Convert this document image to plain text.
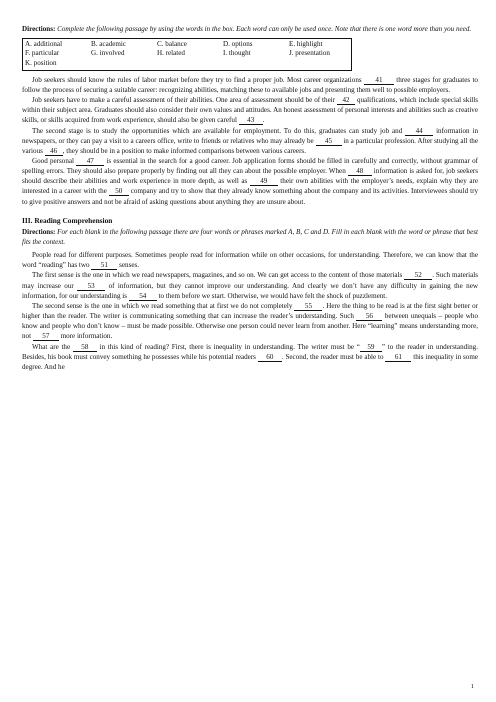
Directions: Complete the following passage by using the words in the box. Each word can only be used once. Note that there is one word more than you need.

A. additional	B. academic	C. balance	D. options	E. highlight
F. particular	G. involved	H. related	I. thought	J. presentation
K. position

Job seekers should know the rules of labor market before they try to find a proper job. Most career organizations 41 three stages for graduates to follow the process of securing a suitable career: recognizing abilities, matching these to available jobs and presenting them well to possible employers.

Job seekers have to make a careful assessment of their abilities. One area of assessment should be of their 42 qualifications, which include special skills within their subject area. Graduates should also consider their own values and attitudes. An honest assessment of personal interests and abilities such as creative skills, or skills acquired from work experience, should also be given careful 43 .

The second stage is to study the opportunities which are available for employment. To do this, graduates can study job and 44 information in newspapers, or they can pay a visit to a careers office, write to friends or relatives who may already be 45 in a particular profession. After studying all the various 46 , they should be in a position to make informed comparisons between various careers.

Good personal 47 is essential in the search for a good career. Job application forms should be filled in carefully and correctly, without grammar of spelling errors. They should also prepare properly by finding out all they can about the possible employer. When 48 information is asked for, job seekers should describe their abilities and work experience in more depth, as well as 49 their own abilities with the employer’s needs, explain why they are interested in a career with the 50 company and try to show that they already know something about the company and its activities. Interviewees should try to give positive answers and not be afraid of asking questions about anything they are unsure about.

III. Reading Comprehension

Directions: For each blank in the following passage there are four words or phrases marked A, B, C and D. Fill in each blank with the word or phrase that best fits the context.

People read for different purposes. Sometimes people read for information while on other occasions, for understanding. Therefore, we can know that the word “reading” has two 51 senses.

The first sense is the one in which we read newspapers, magazines, and so on. We can get access to the content of those materials 52 . Such materials may increase our 53 of information, but they cannot improve our understanding. And clearly we don’t have any difficulty in gaining the new information, for our understanding is 54 to them before we start. Otherwise, we would have felt the shock of puzzlement.

The second sense is the one in which we read something that at first we do not completely 55 . Here the thing to be read is at the first sight better or higher than the reader. The writer is communicating something that can increase the reader’s understanding. Such 56 between unequals – people who know and people who don’t know – must be made possible. Otherwise one person could never learn from another. Here “learning” means understanding more, not 57 more information.

What are the 58 in this kind of reading? First, there is inequality in understanding. The writer must be “ 59 ” to the reader in understanding. Besides, his book must convey something he possesses while his potential readers 60 . Second, the reader must be able to 61 this inequality in some degree. And he

1
